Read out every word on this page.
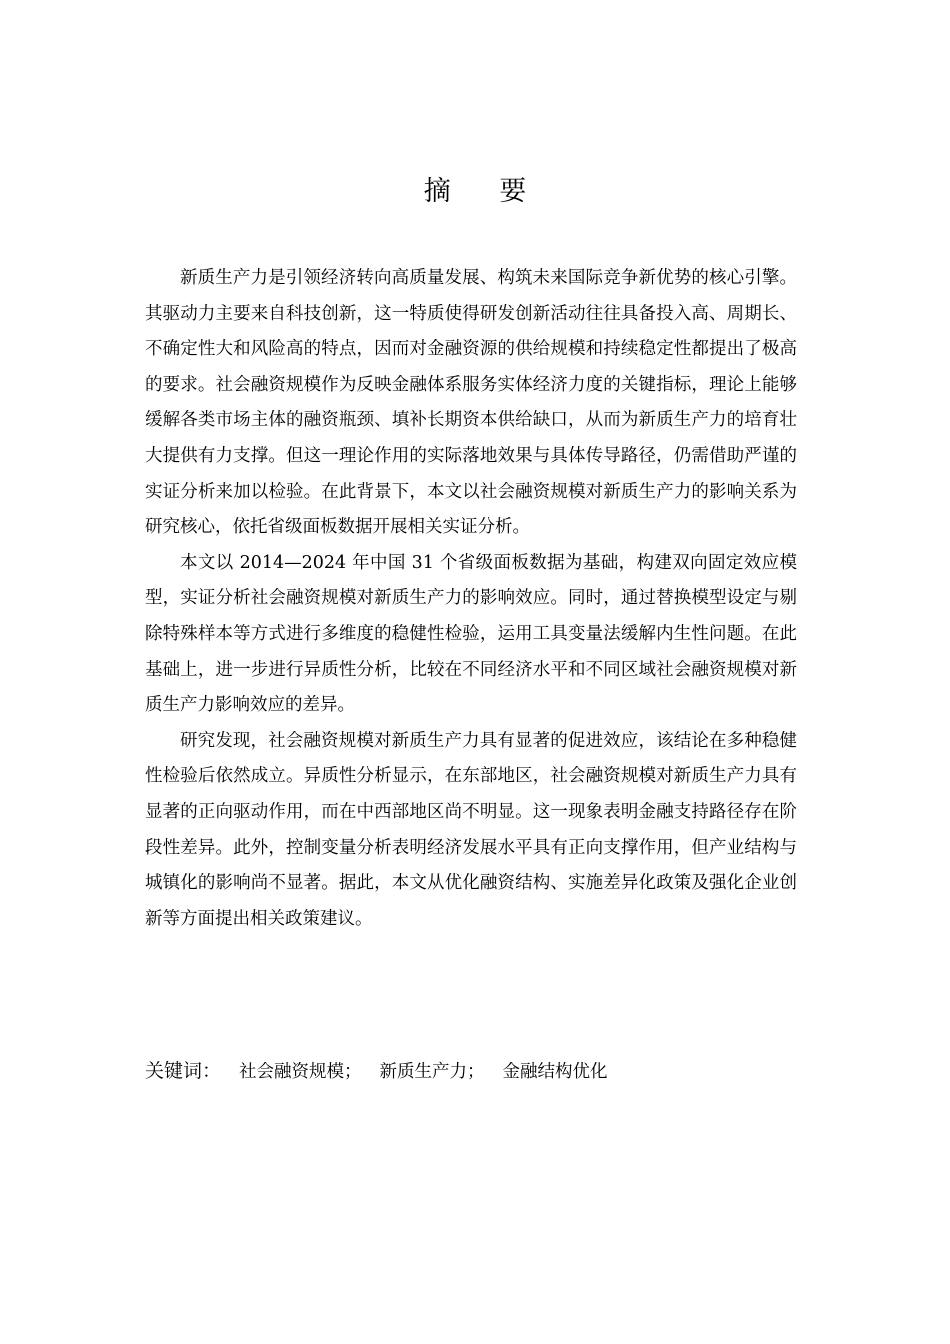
摘 要

新质生产力是引领经济转向高质量发展、构筑未来国际竞争新优势的核心引擎。其驱动力主要来自科技创新，这一特质使得研发创新活动往往具备投入高、周期长、不确定性大和风险高的特点，因而对金融资源的供给规模和持续稳定性都提出了极高的要求。社会融资规模作为反映金融体系服务实体经济力度的关键指标，理论上能够缓解各类市场主体的融资瓶颈、填补长期资本供给缺口，从而为新质生产力的培育壮大提供有力支撑。但这一理论作用的实际落地效果与具体传导路径，仍需借助严谨的实证分析来加以检验。在此背景下，本文以社会融资规模对新质生产力的影响关系为研究核心，依托省级面板数据开展相关实证分析。

本文以 2014—2024 年中国 31 个省级面板数据为基础，构建双向固定效应模型，实证分析社会融资规模对新质生产力的影响效应。同时，通过替换模型设定与剔除特殊样本等方式进行多维度的稳健性检验，运用工具变量法缓解内生性问题。在此基础上，进一步进行异质性分析，比较在不同经济水平和不同区域社会融资规模对新质生产力影响效应的差异。

研究发现，社会融资规模对新质生产力具有显著的促进效应，该结论在多种稳健性检验后依然成立。异质性分析显示，在东部地区，社会融资规模对新质生产力具有显著的正向驱动作用，而在中西部地区尚不明显。这一现象表明金融支持路径存在阶段性差异。此外，控制变量分析表明经济发展水平具有正向支撑作用，但产业结构与城镇化的影响尚不显著。据此，本文从优化融资结构、实施差异化政策及强化企业创新等方面提出相关政策建议。

关键词： 社会融资规模； 新质生产力； 金融结构优化
